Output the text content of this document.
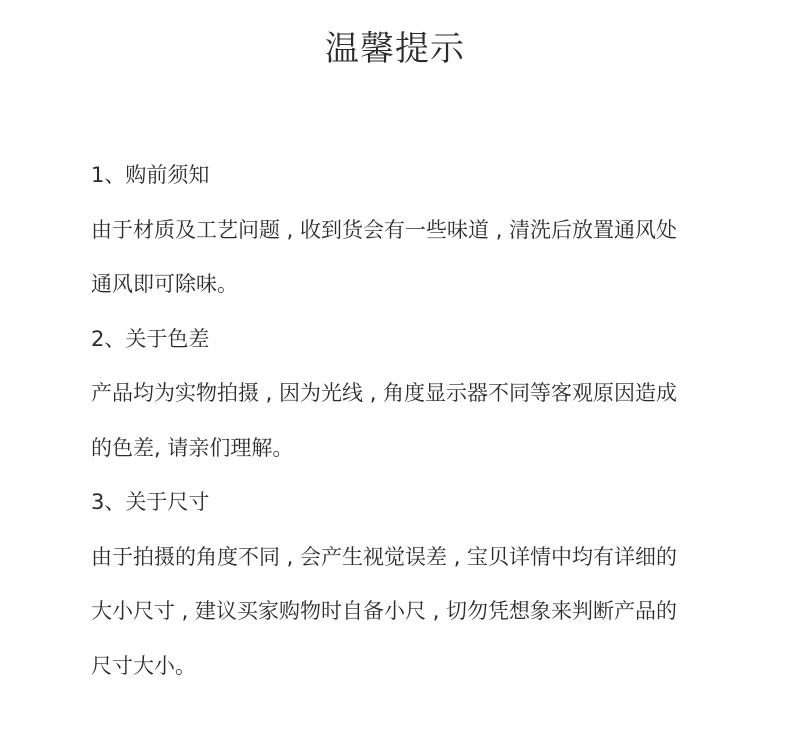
温馨提示
1、购前须知
由于材质及工艺问题 , 收到货会有一些味道 , 清洗后放置通风处
通风即可除味。
2、关于色差
产品均为实物拍摄 , 因为光线 , 角度显示器不同等客观原因造成
的色差, 请亲们理解。
3、关于尺寸
由于拍摄的角度不同 , 会产生视觉误差 , 宝贝详情中均有详细的
大小尺寸 , 建议买家购物时自备小尺 , 切勿凭想象来判断产品的
尺寸大小。
